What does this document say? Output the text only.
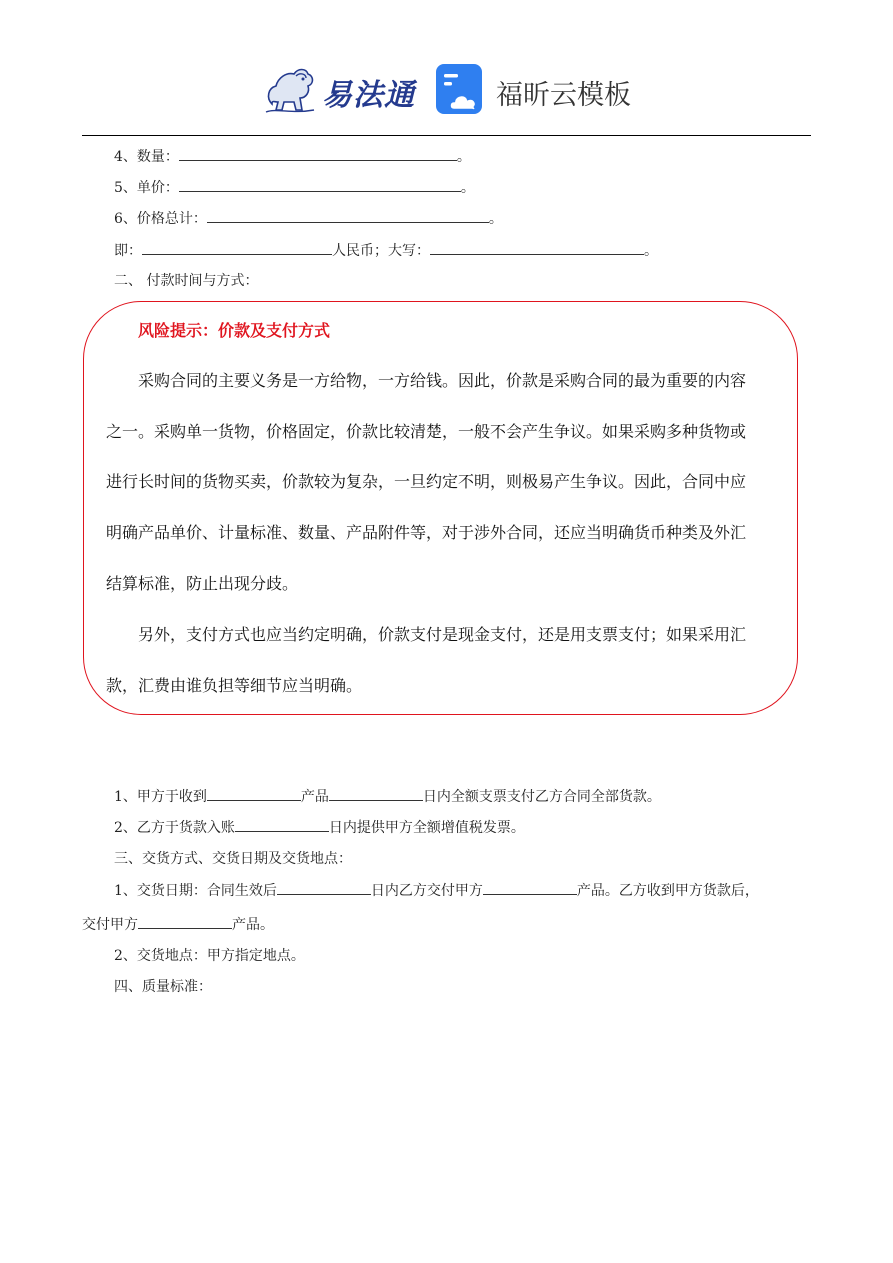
易法通	福昕云模板
4、数量：	。
5、单价：	。
6、价格总计：	。
即：	人民币；大写：	。
二、 付款时间与方式：
风险提示：价款及支付方式
采购合同的主要义务是一方给物，一方给钱。因此，价款是采购合同的最为重要的内容
之一。采购单一货物，价格固定，价款比较清楚，一般不会产生争议。如果采购多种货物或
进行长时间的货物买卖，价款较为复杂，一旦约定不明，则极易产生争议。因此，合同中应
明确产品单价、计量标准、数量、产品附件等，对于涉外合同，还应当明确货币种类及外汇
结算标准，防止出现分歧。
另外，支付方式也应当约定明确，价款支付是现金支付，还是用支票支付；如果采用汇
款，汇费由谁负担等细节应当明确。
1、甲方于收到	产品	日内全额支票支付乙方合同全部货款。
2、乙方于货款入账	日内提供甲方全额增值税发票。
三、交货方式、交货日期及交货地点：
1、交货日期：合同生效后	日内乙方交付甲方	产品。乙方收到甲方货款后，
交付甲方	产品。
2、交货地点：甲方指定地点。
四、质量标准：
